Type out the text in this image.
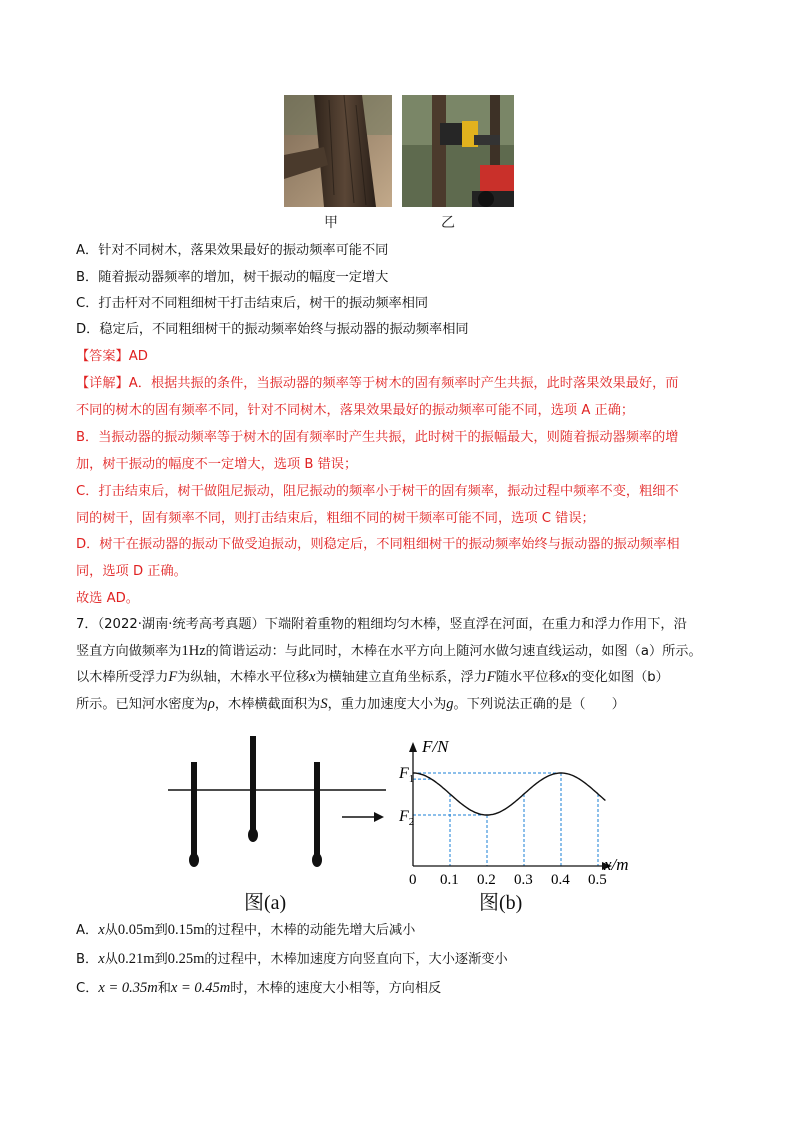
甲	乙
A．针对不同树木，落果效果最好的振动频率可能不同
B．随着振动器频率的增加，树干振动的幅度一定增大
C．打击杆对不同粗细树干打击结束后，树干的振动频率相同
D．稳定后，不同粗细树干的振动频率始终与振动器的振动频率相同
【答案】AD
【详解】A．根据共振的条件，当振动器的频率等于树木的固有频率时产生共振，此时落果效果最好，而
不同的树木的固有频率不同，针对不同树木，落果效果最好的振动频率可能不同，选项 A 正确；
B．当振动器的振动频率等于树木的固有频率时产生共振，此时树干的振幅最大，则随着振动器频率的增
加，树干振动的幅度不一定增大，选项 B 错误；
C．打击结束后，树干做阻尼振动，阻尼振动的频率小于树干的固有频率，振动过程中频率不变，粗细不
同的树干，固有频率不同，则打击结束后，粗细不同的树干频率可能不同，选项 C 错误；
D．树干在振动器的振动下做受迫振动，则稳定后，不同粗细树干的振动频率始终与振动器的振动频率相
同，选项 D 正确。
故选 AD。
7．（2022·湖南·统考高考真题）下端附着重物的粗细均匀木棒，竖直浮在河面，在重力和浮力作用下，沿
竖直方向做频率为1Hz的简谐运动：与此同时，木棒在水平方向上随河水做匀速直线运动，如图（a）所示。
以木棒所受浮力F为纵轴，木棒水平位移x为横轴建立直角坐标系，浮力F随水平位移x的变化如图（b）
所示。已知河水密度为ρ，木棒横截面积为S，重力加速度大小为g。下列说法正确的是（　　）
图(a)
F/N
$F_1$
$F_2$
x/m
0 0.1 0.2 0.3 0.4 0.5
图(b)
A．x从0.05m到0.15m的过程中，木棒的动能先增大后减小
B．x从0.21m到0.25m的过程中，木棒加速度方向竖直向下，大小逐渐变小
C．x = 0.35m和x = 0.45m时，木棒的速度大小相等，方向相反
